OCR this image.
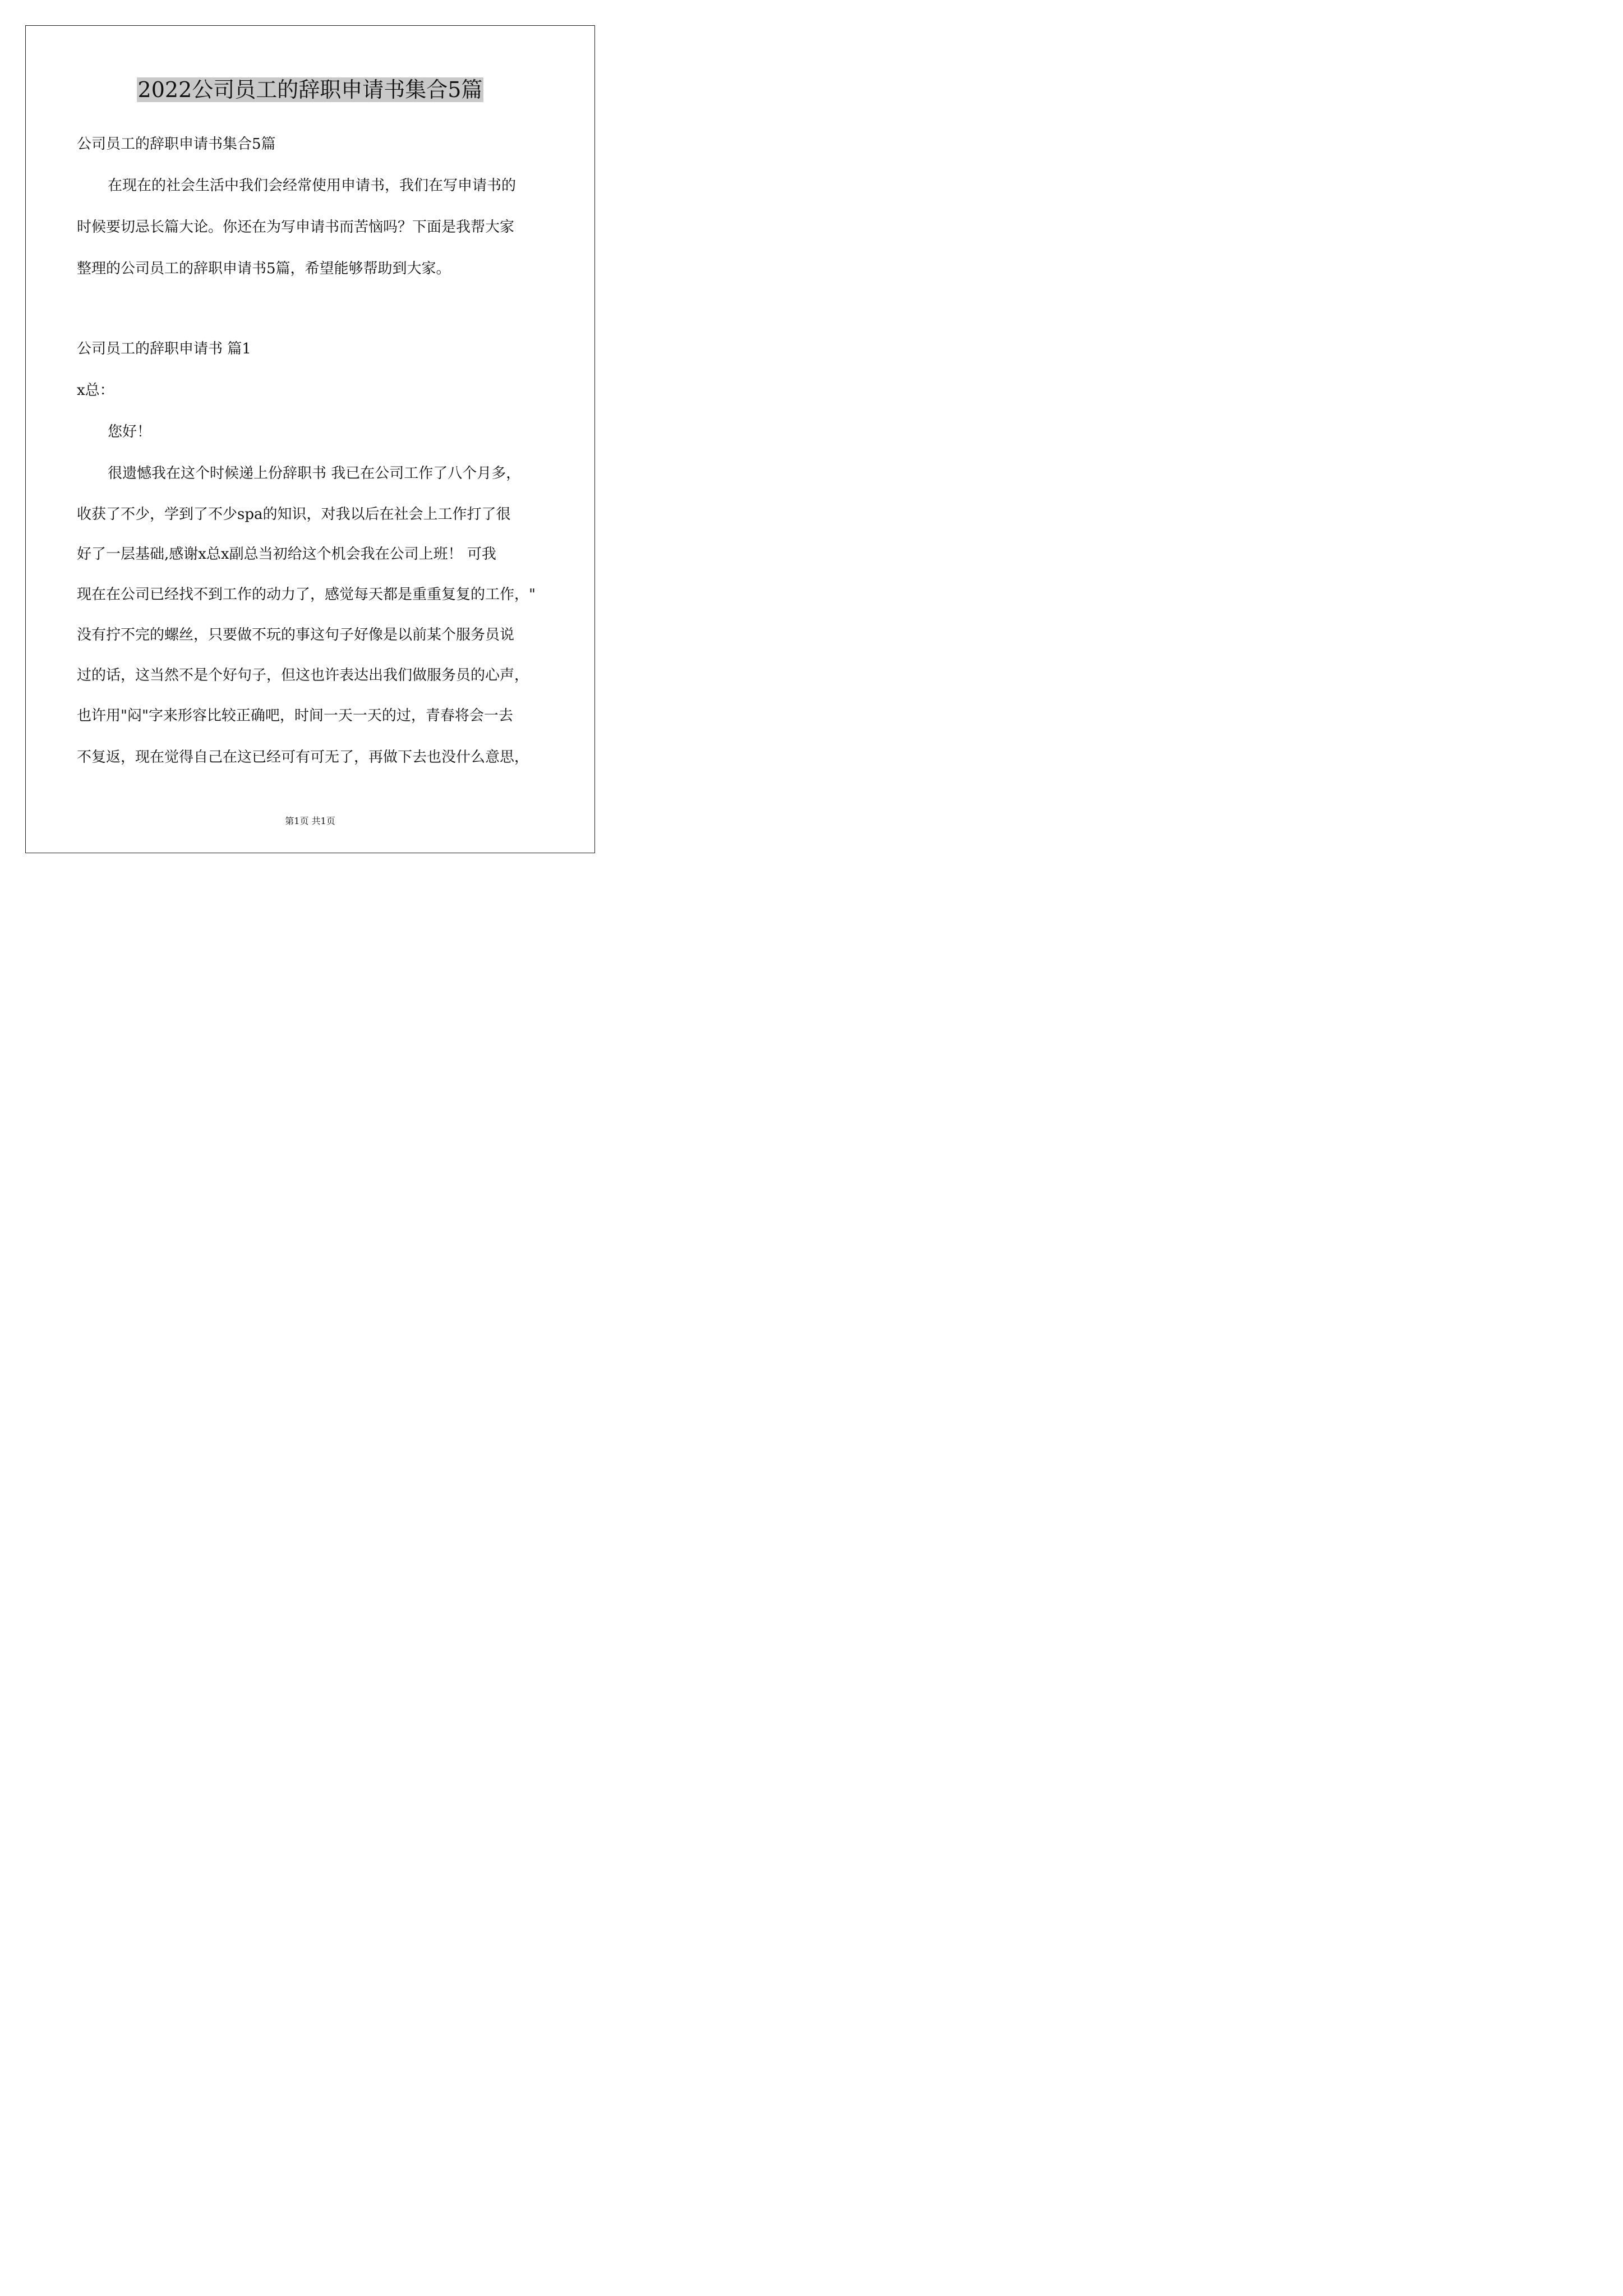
2022公司员工的辞职申请书集合5篇

公司员工的辞职申请书集合5篇

在现在的社会生活中我们会经常使用申请书，我们在写申请书的

时候要切忌长篇大论。你还在为写申请书而苦恼吗？下面是我帮大家

整理的公司员工的辞职申请书5篇，希望能够帮助到大家。

公司员工的辞职申请书 篇1

x总：

您好！

很遗憾我在这个时候递上份辞职书 我已在公司工作了八个月多，

收获了不少，学到了不少spa的知识，对我以后在社会上工作打了很

好了一层基础,感谢x总x副总当初给这个机会我在公司上班！ 可我

现在在公司已经找不到工作的动力了，感觉每天都是重重复复的工作，"

没有拧不完的螺丝，只要做不玩的事这句子好像是以前某个服务员说

过的话，这当然不是个好句子，但这也许表达出我们做服务员的心声，

也许用"闷"字来形容比较正确吧，时间一天一天的过，青春将会一去

不复返，现在觉得自己在这已经可有可无了，再做下去也没什么意思，

第1页 共1页
